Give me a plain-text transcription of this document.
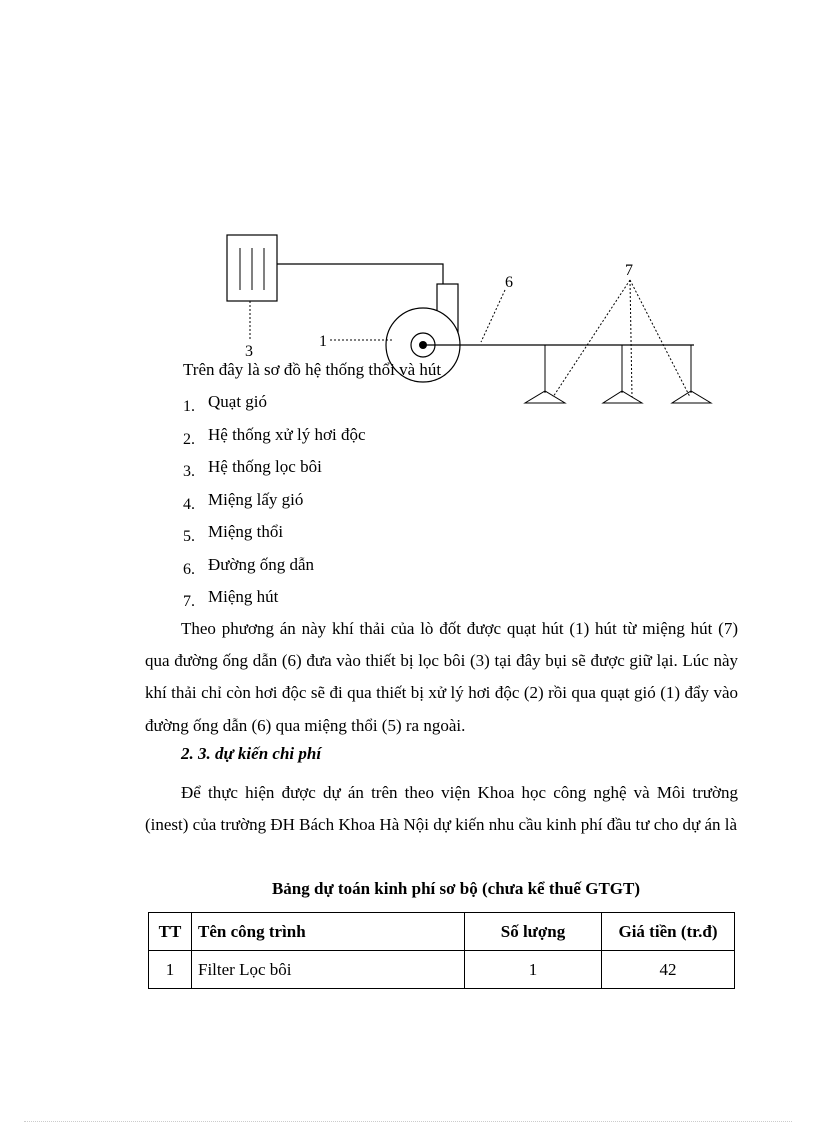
3
1
6
7
Trên đây là sơ đồ hệ thống thổi và hút
1. Quạt gió
2. Hệ thống xử lý hơi độc
3. Hệ thống lọc bôi
4. Miệng lấy gió
5. Miệng thổi
6. Đường ống dẫn
7. Miệng hút

Theo phương án này khí thải của lò đốt được quạt hút (1) hút từ miệng hút (7) qua đường ống dẫn (6) đưa vào thiết bị lọc bôi (3) tại đây bụi sẽ được giữ lại. Lúc này khí thải chỉ còn hơi độc sẽ đi qua thiết bị xử lý hơi độc (2) rồi qua quạt gió (1) đẩy vào đường ống dẫn (6) qua miệng thổi (5) ra ngoài.

2. 3. dự kiến chi phí

Để thực hiện được dự án trên theo viện Khoa học công nghệ và Môi trường (inest) của trường ĐH Bách Khoa Hà Nội dự kiến nhu cầu kinh phí đầu tư cho dự án là

Bảng dự toán kinh phí sơ bộ (chưa kể thuế GTGT)
TT	Tên công trình	Số lượng	Giá tiền (tr.đ)
1	Filter Lọc bôi	1	42
